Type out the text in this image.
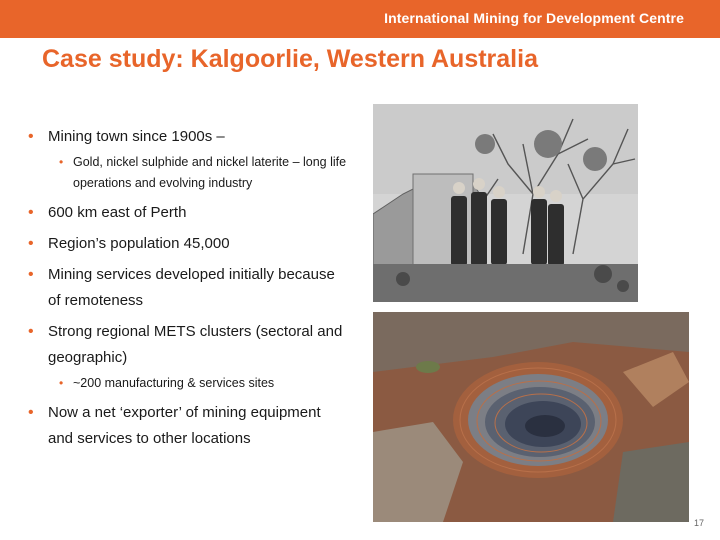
International Mining for Development Centre
Case study: Kalgoorlie, Western Australia
• Mining town since 1900s –
• Gold, nickel sulphide and nickel laterite – long life operations and evolving industry
• 600 km east of Perth
• Region’s population 45,000
• Mining services developed initially because of remoteness
• Strong regional METS clusters (sectoral and geographic)
• ~200 manufacturing & services sites
• Now a net ‘exporter’ of mining equipment and services to other locations
17
